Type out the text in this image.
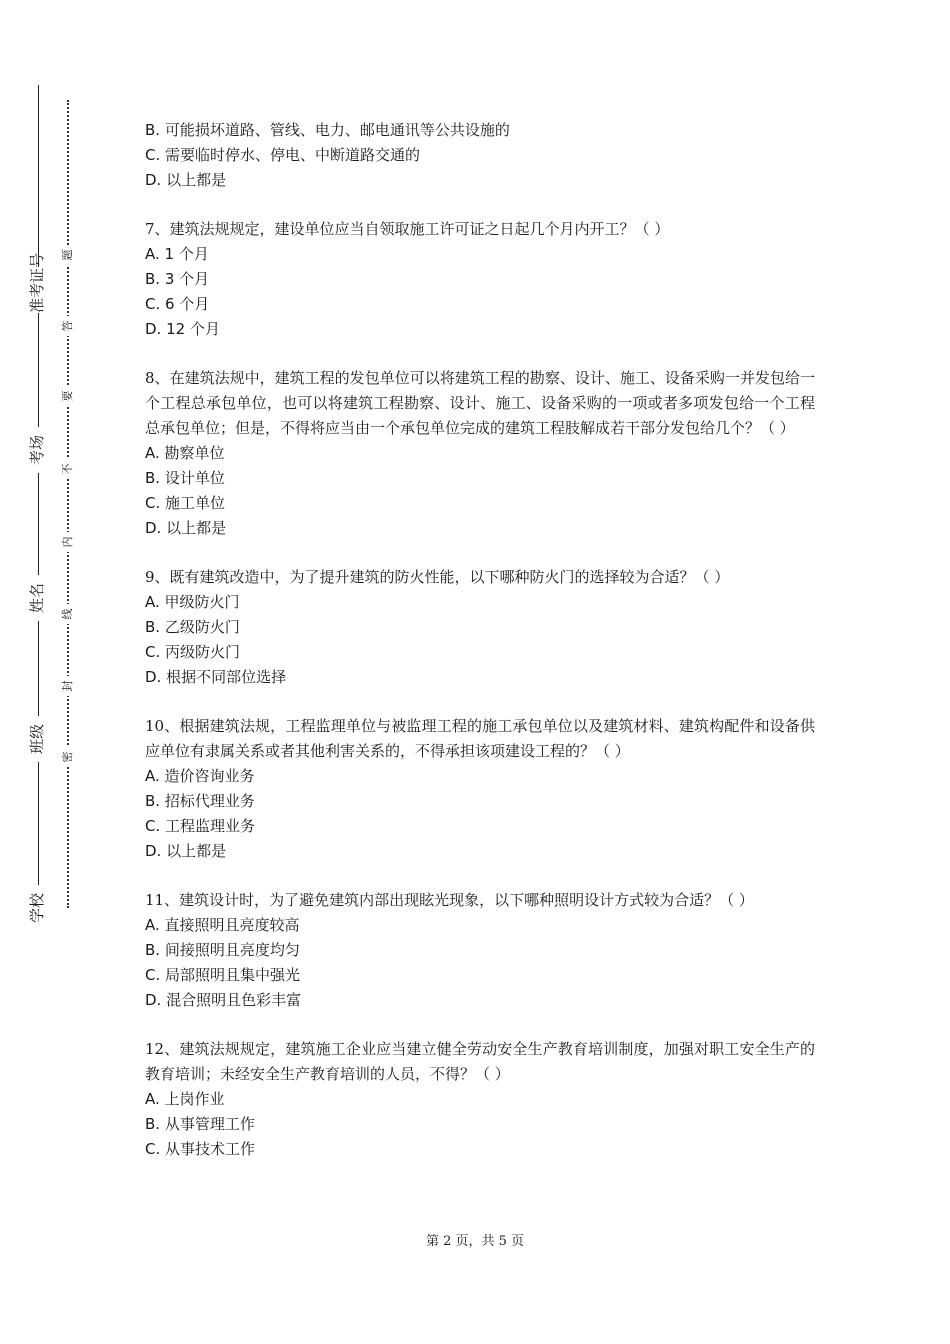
准考证号
考场
姓名
班级
学校
题
答
要
不
内
线
封
密

B. 可能损坏道路、管线、电力、邮电通讯等公共设施的

C. 需要临时停水、停电、中断道路交通的

D. 以上都是

7、建筑法规规定，建设单位应当自领取施工许可证之日起几个月内开工？（ ）

A. 1 个月

B. 3 个月

C. 6 个月

D. 12 个月

8、在建筑法规中，建筑工程的发包单位可以将建筑工程的勘察、设计、施工、设备采购一并发包给一个工程总承包单位，也可以将建筑工程勘察、设计、施工、设备采购的一项或者多项发包给一个工程总承包单位；但是，不得将应当由一个承包单位完成的建筑工程肢解成若干部分发包给几个？（ ）

A. 勘察单位

B. 设计单位

C. 施工单位

D. 以上都是

9、既有建筑改造中，为了提升建筑的防火性能，以下哪种防火门的选择较为合适？（ ）

A. 甲级防火门

B. 乙级防火门

C. 丙级防火门

D. 根据不同部位选择

10、根据建筑法规，工程监理单位与被监理工程的施工承包单位以及建筑材料、建筑构配件和设备供应单位有隶属关系或者其他利害关系的，不得承担该项建设工程的？（ ）

A. 造价咨询业务

B. 招标代理业务

C. 工程监理业务

D. 以上都是

11、建筑设计时，为了避免建筑内部出现眩光现象，以下哪种照明设计方式较为合适？（ ）

A. 直接照明且亮度较高

B. 间接照明且亮度均匀

C. 局部照明且集中强光

D. 混合照明且色彩丰富

12、建筑法规规定，建筑施工企业应当建立健全劳动安全生产教育培训制度，加强对职工安全生产的教育培训；未经安全生产教育培训的人员，不得？（ ）

A. 上岗作业

B. 从事管理工作

C. 从事技术工作

第 2 页，共 5 页
